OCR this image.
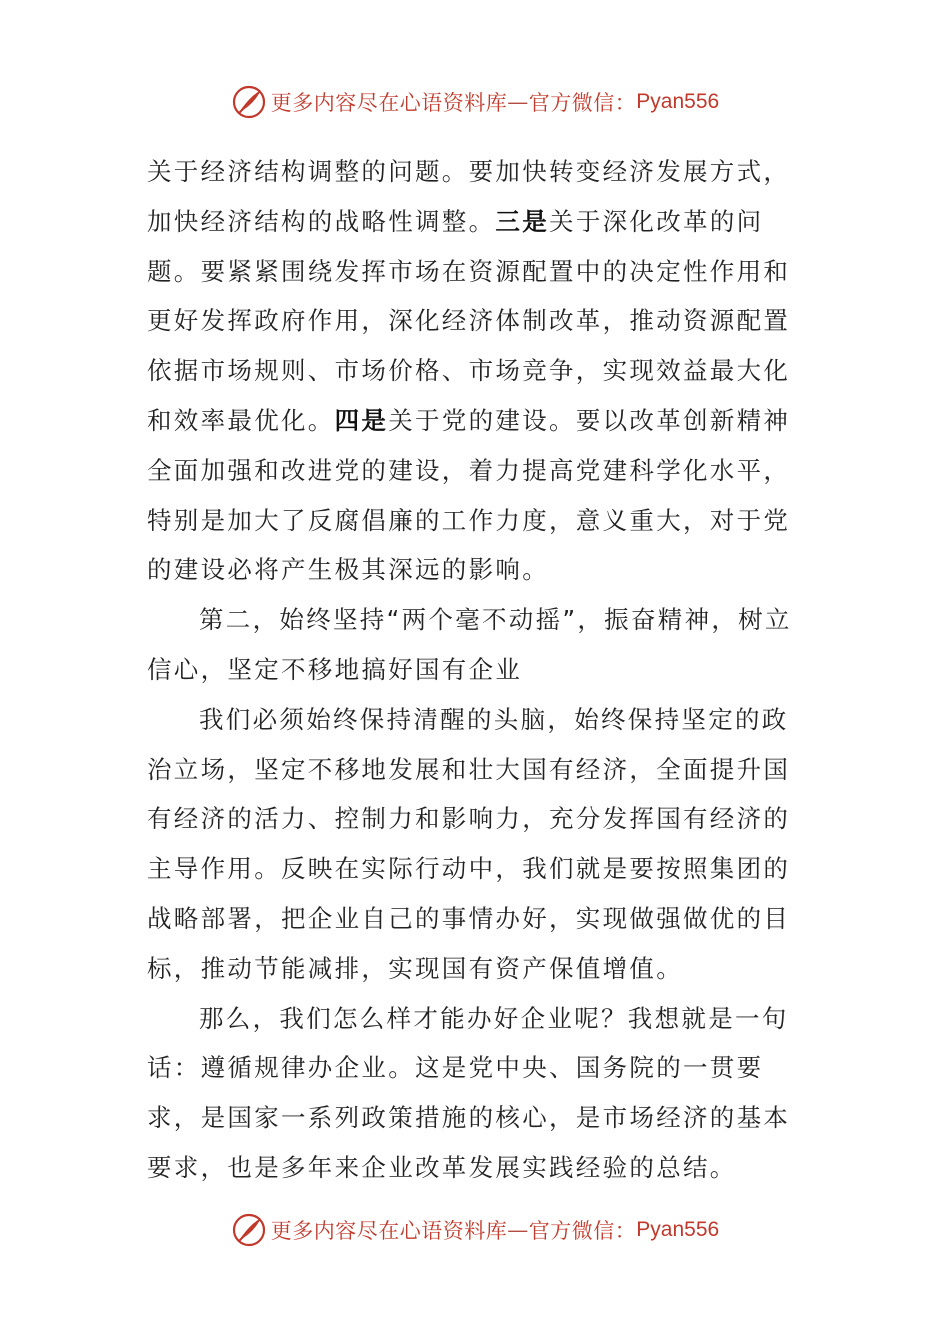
更多内容尽在心语资料库 — 官方微信： Pyan556

关于经济结构调整的问题。要加快转变经济发展方式，加快经济结构的战略性调整。三是关于深化改革的问题。要紧紧围绕发挥市场在资源配置中的决定性作用和更好发挥政府作用，深化经济体制改革，推动资源配置依据市场规则、市场价格、市场竞争，实现效益最大化和效率最优化。四是关于党的建设。要以改革创新精神全面加强和改进党的建设，着力提高党建科学化水平，特别是加大了反腐倡廉的工作力度，意义重大，对于党的建设必将产生极其深远的影响。

第二，始终坚持“两个毫不动摇”，振奋精神，树立信心，坚定不移地搞好国有企业

我们必须始终保持清醒的头脑，始终保持坚定的政治立场，坚定不移地发展和壮大国有经济，全面提升国有经济的活力、控制力和影响力，充分发挥国有经济的主导作用。反映在实际行动中，我们就是要按照集团的战略部署，把企业自己的事情办好，实现做强做优的目标，推动节能减排，实现国有资产保值增值。

那么，我们怎么样才能办好企业呢？我想就是一句话：遵循规律办企业。这是党中央、国务院的一贯要求，是国家一系列政策措施的核心，是市场经济的基本要求，也是多年来企业改革发展实践经验的总结。

更多内容尽在心语资料库 — 官方微信： Pyan556
